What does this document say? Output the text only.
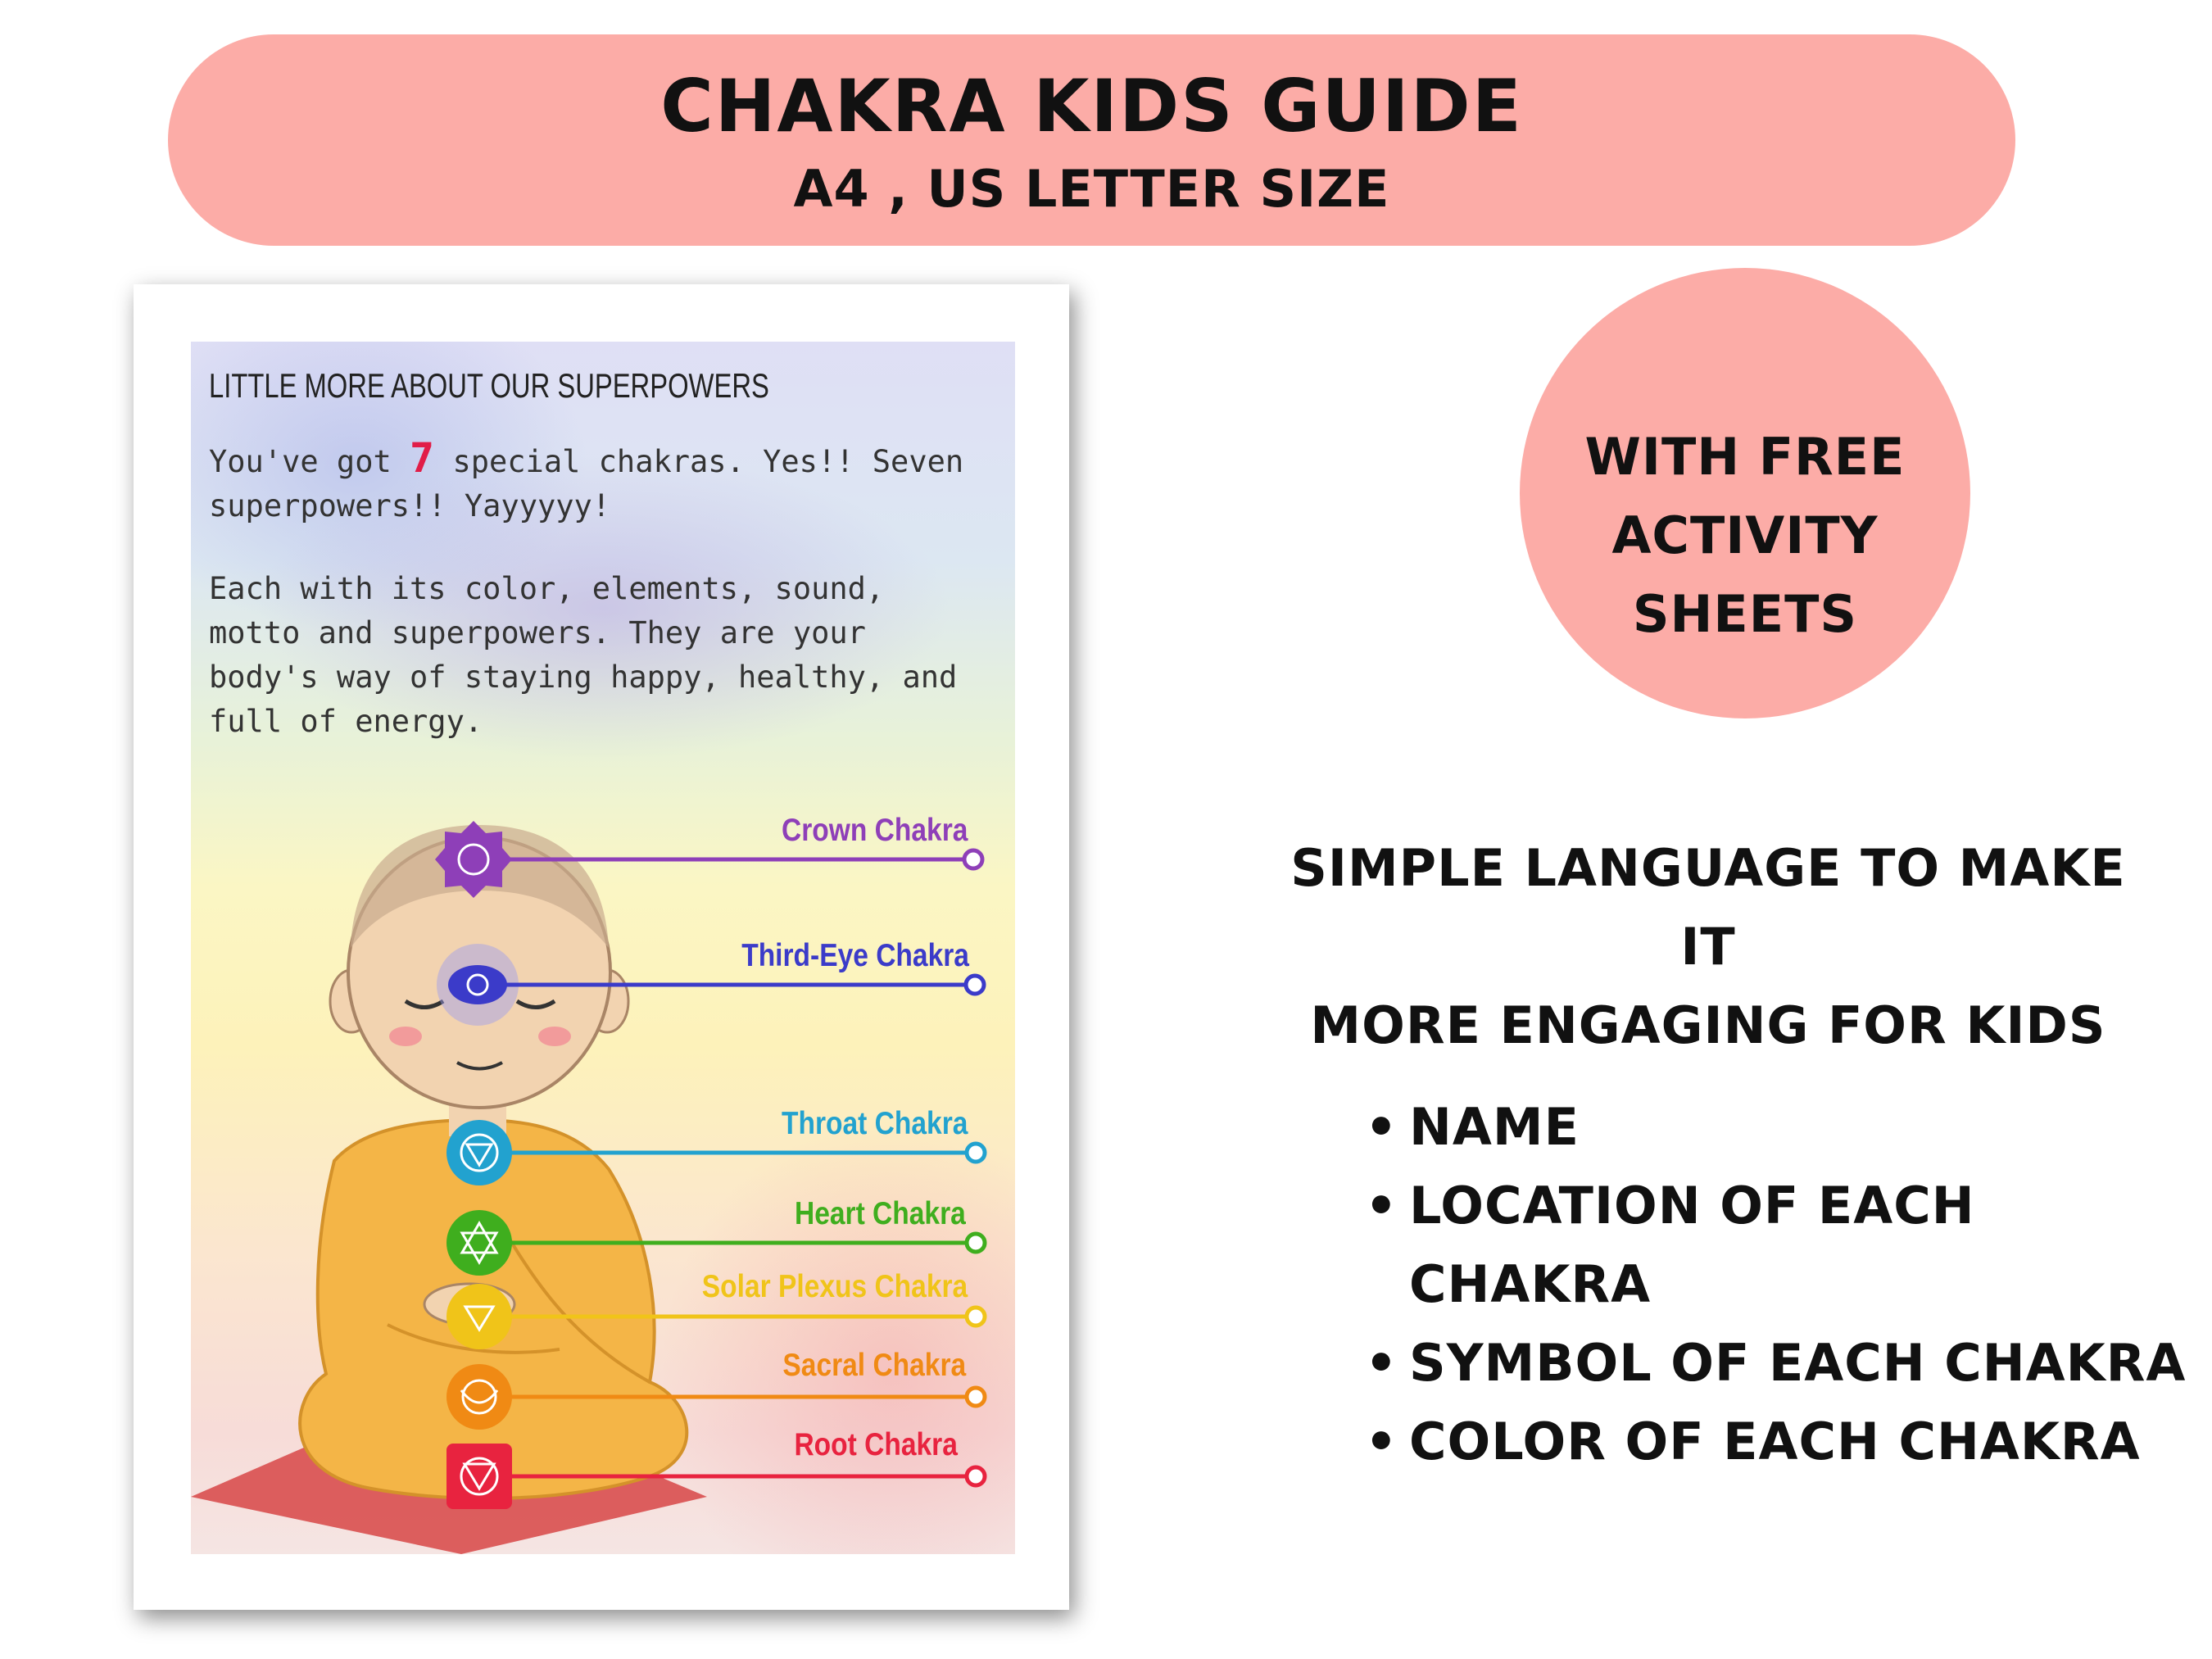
CHAKRA KIDS GUIDE
A4 , US LETTER SIZE
LITTLE MORE ABOUT OUR SUPERPOWERS
You've got 7 special chakras. Yes!! Seven superpowers!! Yayyyyy!
Each with its color, elements, sound, motto and superpowers. They are your body's way of staying happy, healthy, and full of energy.
Crown Chakra
Third-Eye Chakra
Throat Chakra
Heart Chakra
Solar Plexus Chakra
Sacral Chakra
Root Chakra
WITH FREE
ACTIVITY SHEETS
SIMPLE LANGUAGE TO MAKE IT
MORE ENGAGING FOR KIDS
• NAME
• LOCATION OF EACH
CHAKRA
• SYMBOL OF EACH CHAKRA
• COLOR OF EACH CHAKRA
